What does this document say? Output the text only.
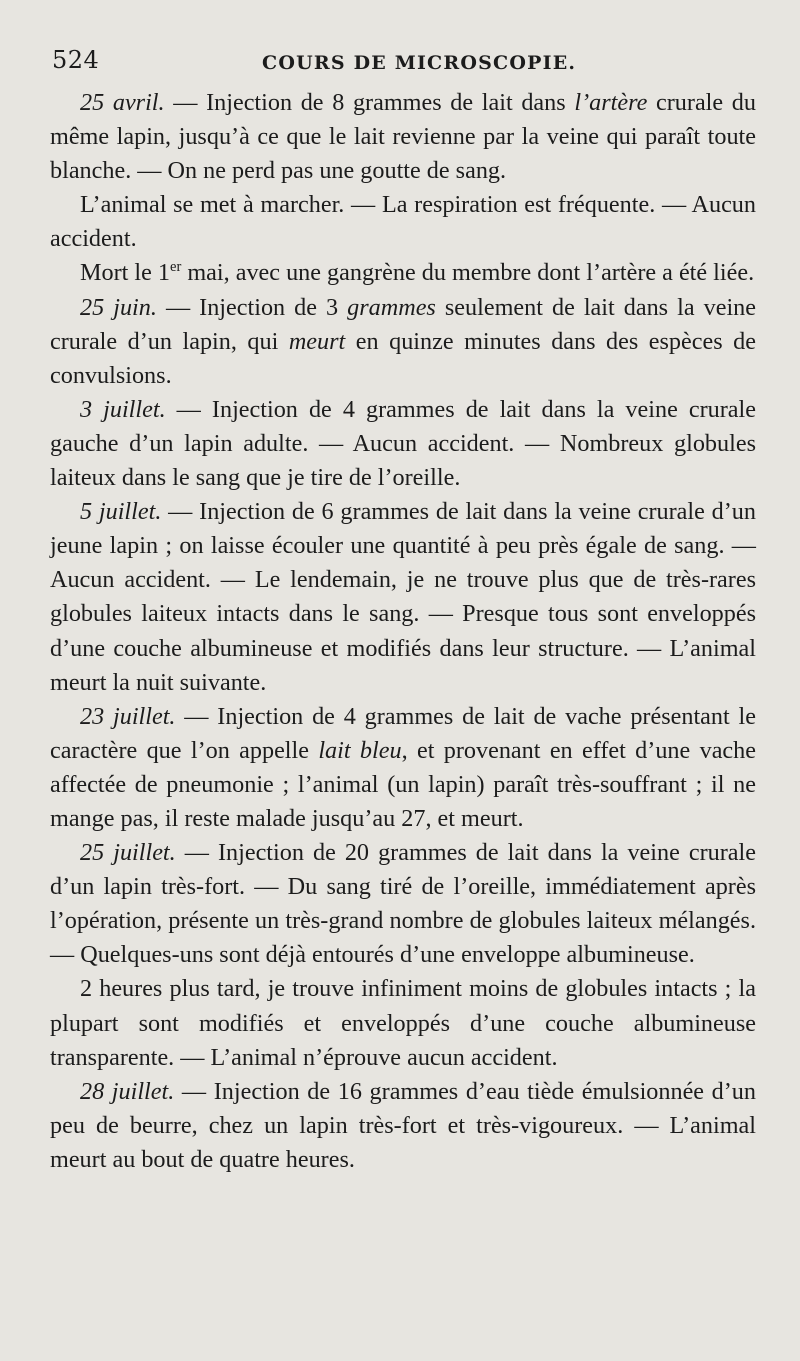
524	COURS DE MICROSCOPIE.

25 avril. — Injection de 8 grammes de lait dans l’artère crurale du même lapin, jusqu’à ce que le lait revienne par la veine qui paraît toute blanche. — On ne perd pas une goutte de sang.

L’animal se met à marcher. — La respiration est fréquente. — Aucun accident.

Mort le 1er mai, avec une gangrène du membre dont l’artère a été liée.

25 juin. — Injection de 3 grammes seulement de lait dans la veine crurale d’un lapin, qui meurt en quinze minutes dans des espèces de convulsions.

3 juillet. — Injection de 4 grammes de lait dans la veine crurale gauche d’un lapin adulte. — Aucun accident. — Nombreux globules laiteux dans le sang que je tire de l’oreille.

5 juillet. — Injection de 6 grammes de lait dans la veine crurale d’un jeune lapin ; on laisse écouler une quantité à peu près égale de sang. — Aucun accident. — Le lendemain, je ne trouve plus que de très-rares globules laiteux intacts dans le sang. — Presque tous sont enveloppés d’une couche albumineuse et modifiés dans leur structure. — L’animal meurt la nuit suivante.

23 juillet. — Injection de 4 grammes de lait de vache présentant le caractère que l’on appelle lait bleu, et provenant en effet d’une vache affectée de pneumonie ; l’animal (un lapin) paraît très-souffrant ; il ne mange pas, il reste malade jusqu’au 27, et meurt.

25 juillet. — Injection de 20 grammes de lait dans la veine crurale d’un lapin très-fort. — Du sang tiré de l’oreille, immédiatement après l’opération, présente un très-grand nombre de globules laiteux mélangés. — Quelques-uns sont déjà entourés d’une enveloppe albumineuse.

2 heures plus tard, je trouve infiniment moins de globules intacts ; la plupart sont modifiés et enveloppés d’une couche albumineuse transparente. — L’animal n’éprouve aucun accident.

28 juillet. — Injection de 16 grammes d’eau tiède émulsionnée d’un peu de beurre, chez un lapin très-fort et très-vigoureux. — L’animal meurt au bout de quatre heures.
